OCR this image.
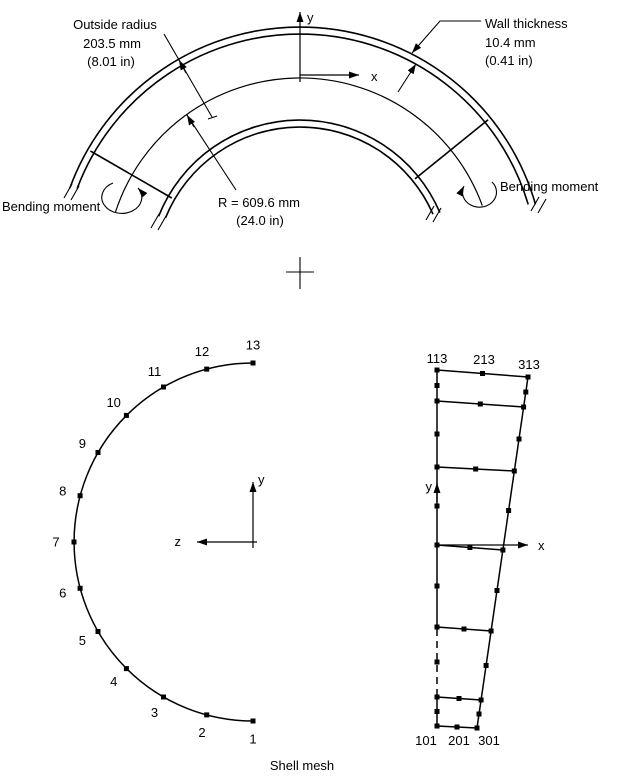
y
x
Outside radius
203.5 mm
(8.01 in)
Wall thickness
10.4 mm
(0.41 in)
R = 609.6 mm
(24.0 in)
Bending moment
Bending moment
y
z
1
2
3
4
5
6
7
8
9
10
11
12	13
x
y
113 213 313
101 201 301
Shell mesh
